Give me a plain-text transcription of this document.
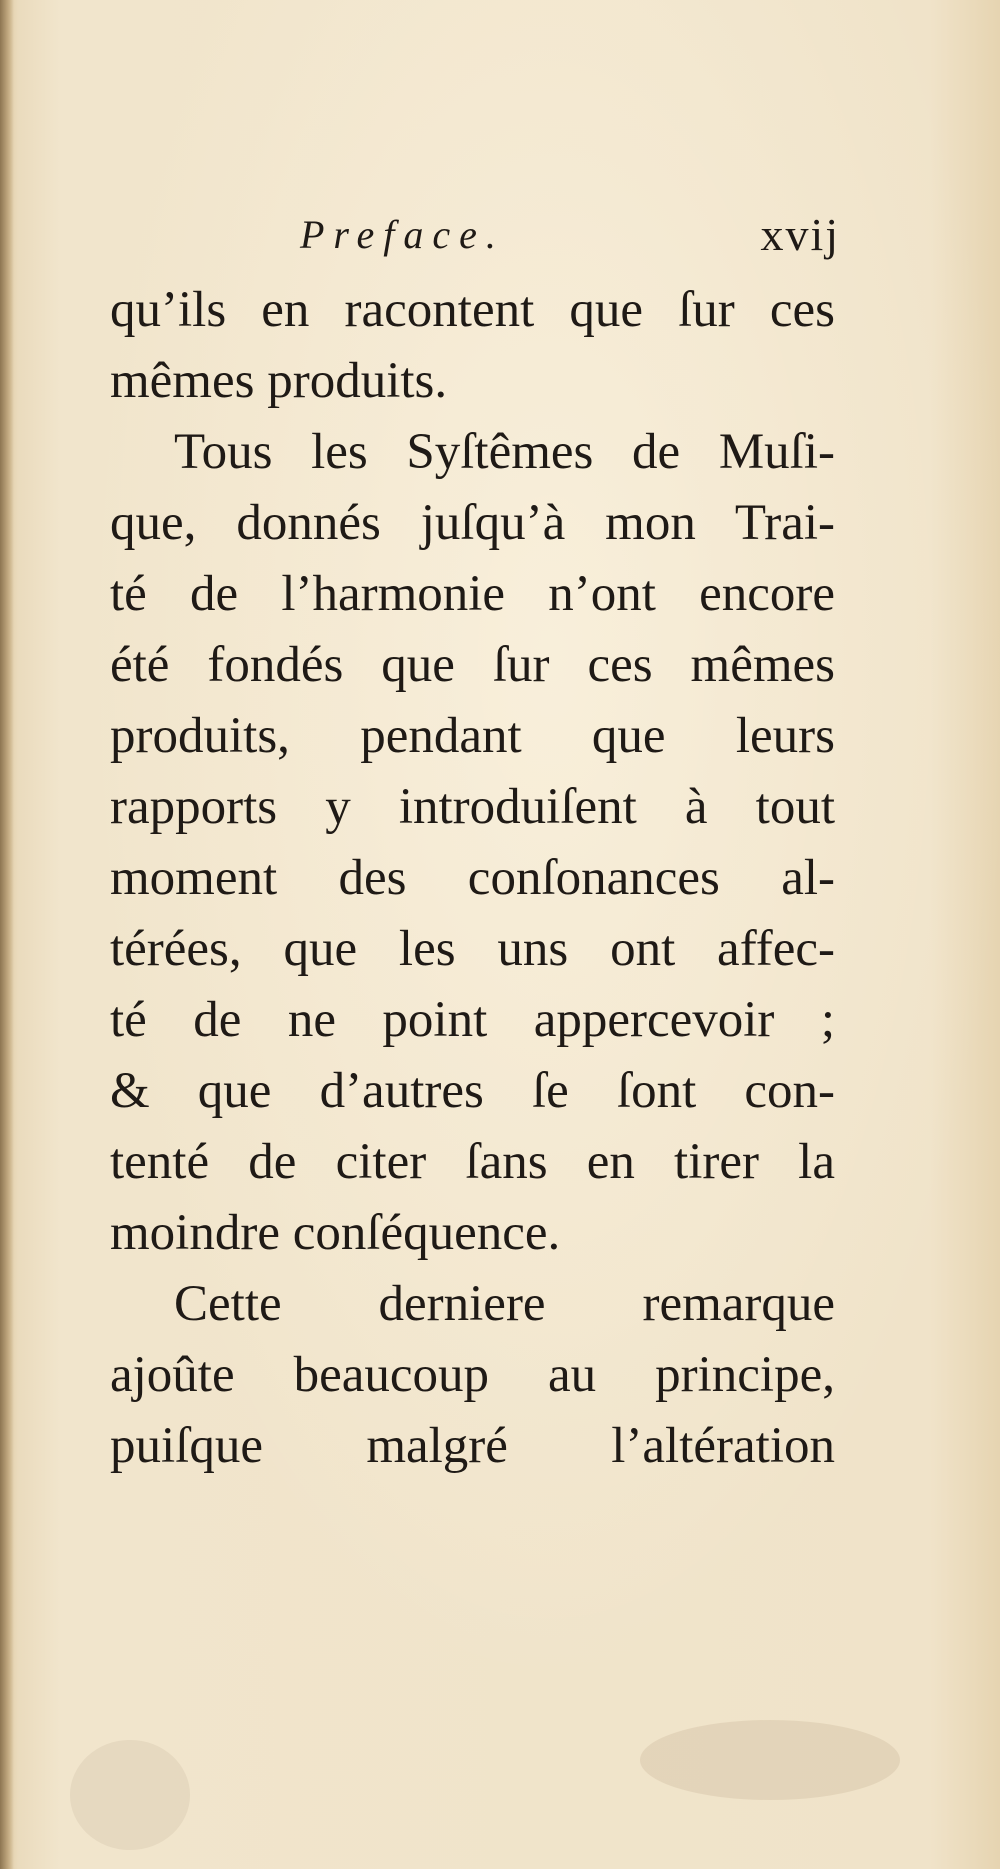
Preface.	xvij
qu’ils en racontent que ſur ces
mêmes produits.
Tous les Syſtêmes de Muſi-
que, donnés juſqu’à mon Trai-
té de l’harmonie n’ont encore
été fondés que ſur ces mêmes
produits, pendant que leurs
rapports y introduiſent à tout
moment des conſonances al-
térées, que les uns ont affec-
té de ne point appercevoir ;
& que d’autres ſe ſont con-
tenté de citer ſans en tirer la
moindre conſéquence.
Cette derniere remarque
ajoûte beaucoup au principe,
puiſque malgré l’altération
